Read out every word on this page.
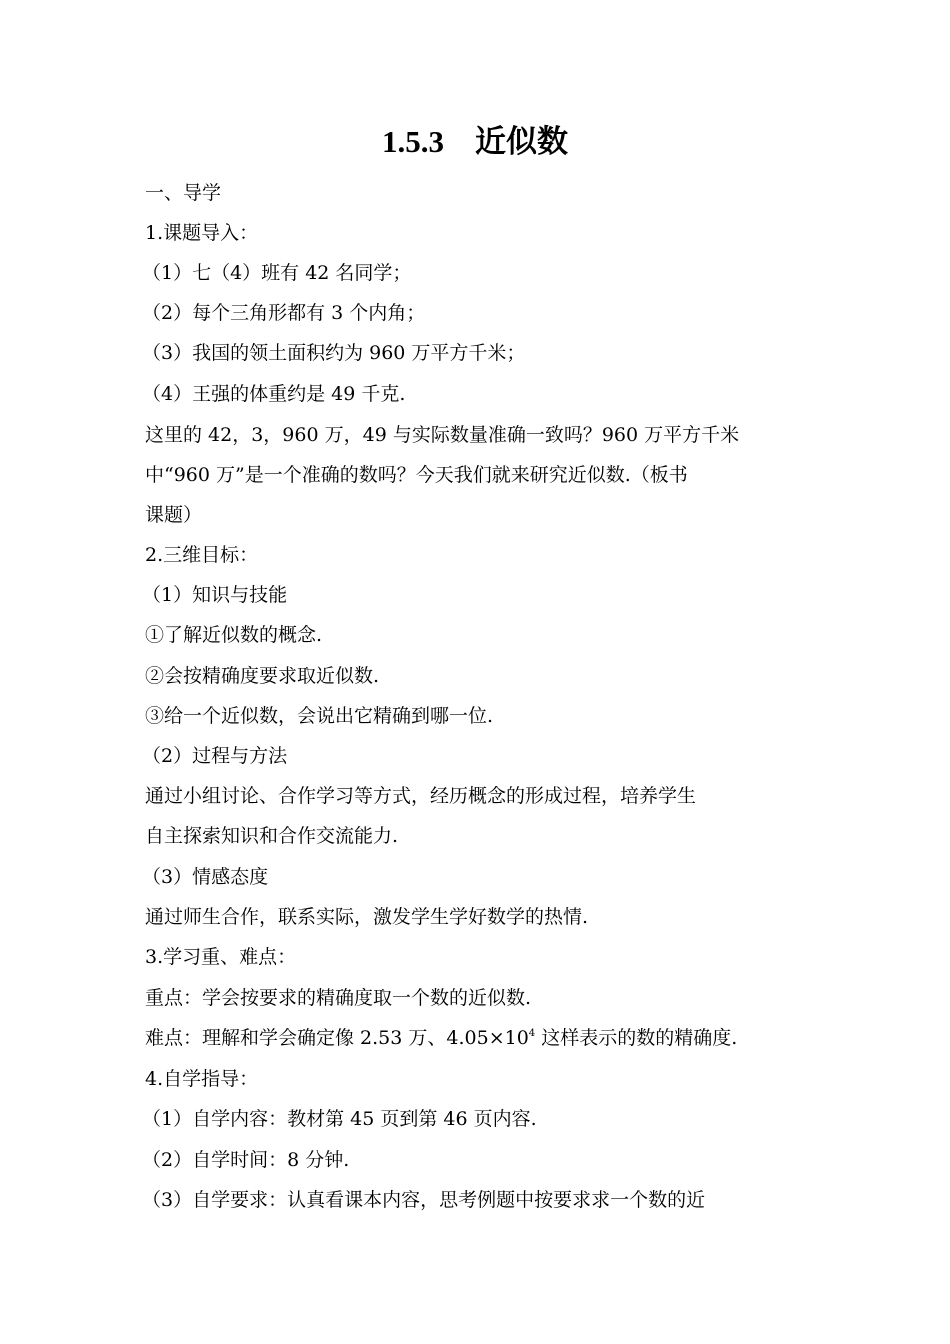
1.5.3　近似数
一、导学
1.课题导入：
（1）七（4）班有 42 名同学；
（2）每个三角形都有 3 个内角；
（3）我国的领土面积约为 960 万平方千米；
（4）王强的体重约是 49 千克.
这里的 42，3，960 万，49 与实际数量准确一致吗？960 万平方千米
中“960 万”是一个准确的数吗？今天我们就来研究近似数.（板书
课题）
2.三维目标：
（1）知识与技能
①了解近似数的概念.
②会按精确度要求取近似数.
③给一个近似数，会说出它精确到哪一位.
（2）过程与方法
通过小组讨论、合作学习等方式，经历概念的形成过程，培养学生
自主探索知识和合作交流能力.
（3）情感态度
通过师生合作，联系实际，激发学生学好数学的热情.
3.学习重、难点：
重点：学会按要求的精确度取一个数的近似数.
难点：理解和学会确定像 2.53 万、$4.05\times 10^4$ 这样表示的数的精确度.
4.自学指导：
（1）自学内容：教材第 45 页到第 46 页内容.
（2）自学时间：8 分钟.
（3）自学要求：认真看课本内容，思考例题中按要求求一个数的近
